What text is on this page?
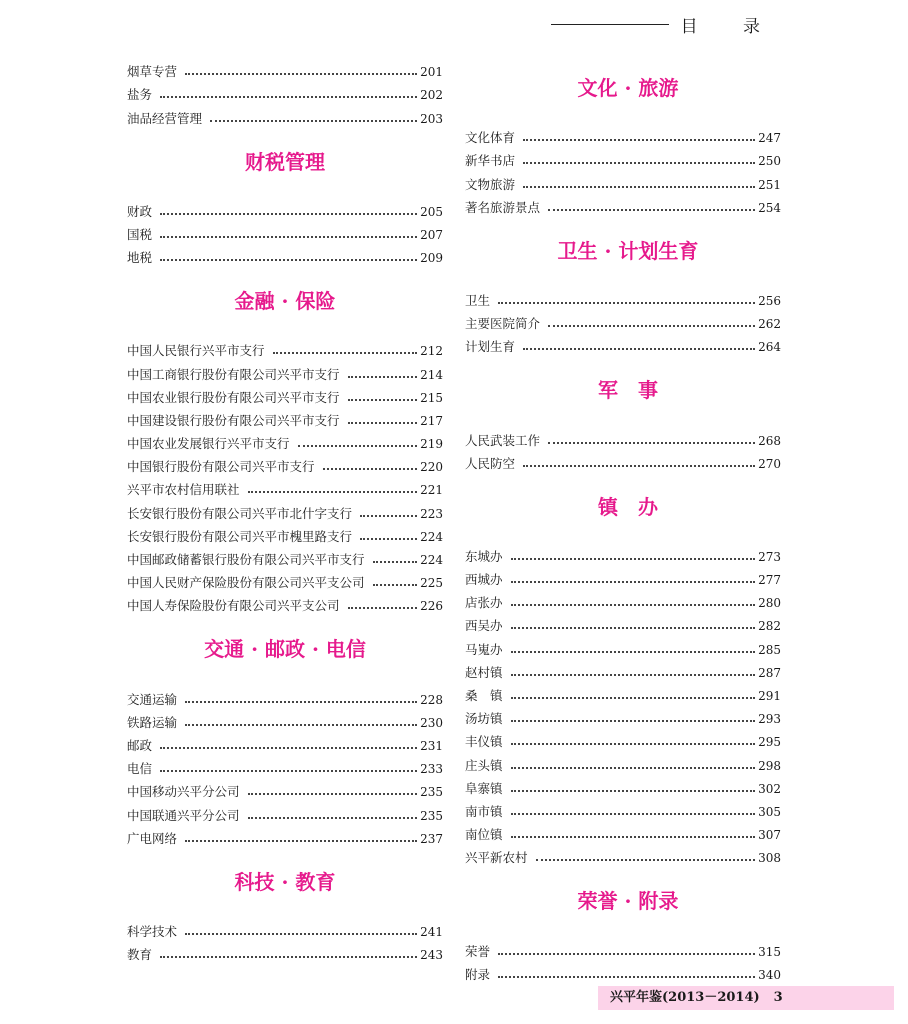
目 录
烟草专营	201
盐务	202
油品经营管理	203
财税管理
财政	205
国税	207
地税	209
金融 · 保险
中国人民银行兴平市支行	212
中国工商银行股份有限公司兴平市支行	214
中国农业银行股份有限公司兴平市支行	215
中国建设银行股份有限公司兴平市支行	217
中国农业发展银行兴平市支行	219
中国银行股份有限公司兴平市支行	220
兴平市农村信用联社	221
长安银行股份有限公司兴平市北什字支行	223
长安银行股份有限公司兴平市槐里路支行	224
中国邮政储蓄银行股份有限公司兴平市支行	224
中国人民财产保险股份有限公司兴平支公司	225
中国人寿保险股份有限公司兴平支公司	226
交通 · 邮政 · 电信
交通运输	228
铁路运输	230
邮政	231
电信	233
中国移动兴平分公司	235
中国联通兴平分公司	235
广电网络	237
科技 · 教育
科学技术	241
教育	243
文化 · 旅游
文化体育	247
新华书店	250
文物旅游	251
著名旅游景点	254
卫生 · 计划生育
卫生	256
主要医院简介	262
计划生育	264
军　事
人民武装工作	268
人民防空	270
镇　办
东城办	273
西城办	277
店张办	280
西吴办	282
马嵬办	285
赵村镇	287
桑　镇	291
汤坊镇	293
丰仪镇	295
庄头镇	298
阜寨镇	302
南市镇	305
南位镇	307
兴平新农村	308
荣誉 · 附录
荣誉	315
附录	340
兴平年鉴(2013－2014) 3
